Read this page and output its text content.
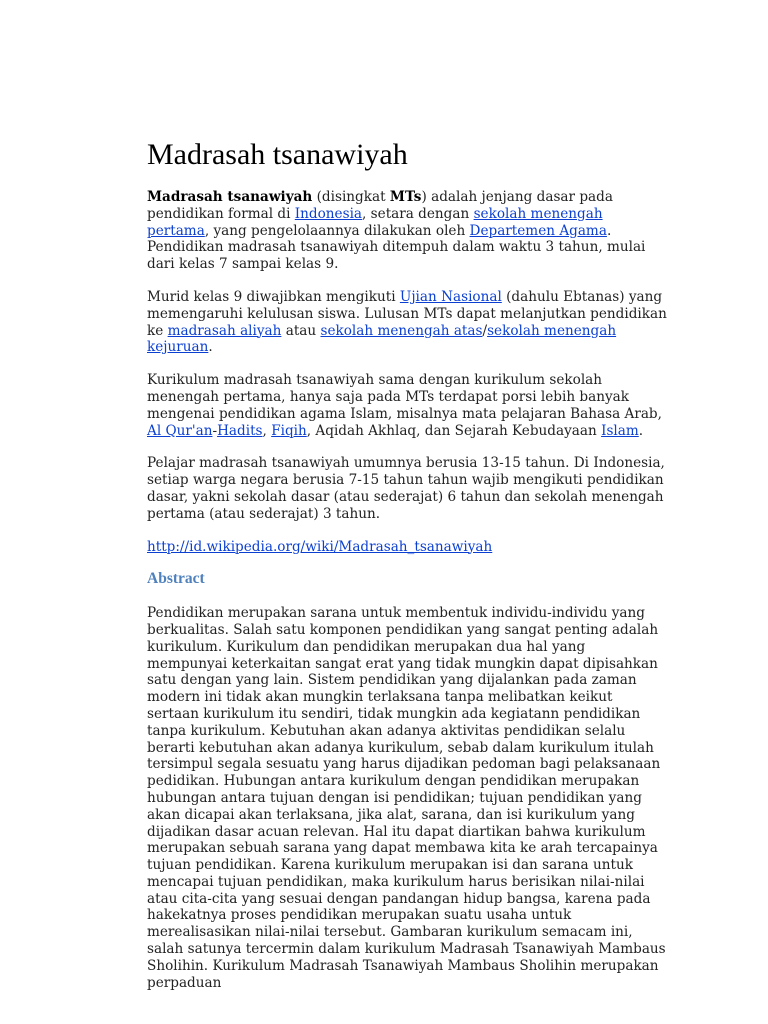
Madrasah tsanawiyah

Madrasah tsanawiyah (disingkat MTs) adalah jenjang dasar pada pendidikan formal di Indonesia, setara dengan sekolah menengah pertama, yang pengelolaannya dilakukan oleh Departemen Agama. Pendidikan madrasah tsanawiyah ditempuh dalam waktu 3 tahun, mulai dari kelas 7 sampai kelas 9.

Murid kelas 9 diwajibkan mengikuti Ujian Nasional (dahulu Ebtanas) yang memengaruhi kelulusan siswa. Lulusan MTs dapat melanjutkan pendidikan ke madrasah aliyah atau sekolah menengah atas/sekolah menengah kejuruan.

Kurikulum madrasah tsanawiyah sama dengan kurikulum sekolah menengah pertama, hanya saja pada MTs terdapat porsi lebih banyak mengenai pendidikan agama Islam, misalnya mata pelajaran Bahasa Arab, Al Qur'an-Hadits, Fiqih, Aqidah Akhlaq, dan Sejarah Kebudayaan Islam.

Pelajar madrasah tsanawiyah umumnya berusia 13-15 tahun. Di Indonesia, setiap warga negara berusia 7-15 tahun tahun wajib mengikuti pendidikan dasar, yakni sekolah dasar (atau sederajat) 6 tahun dan sekolah menengah pertama (atau sederajat) 3 tahun.

http://id.wikipedia.org/wiki/Madrasah_tsanawiyah

Abstract

Pendidikan merupakan sarana untuk membentuk individu-individu yang berkualitas. Salah satu komponen pendidikan yang sangat penting adalah kurikulum. Kurikulum dan pendidikan merupakan dua hal yang mempunyai keterkaitan sangat erat yang tidak mungkin dapat dipisahkan satu dengan yang lain. Sistem pendidikan yang dijalankan pada zaman modern ini tidak akan mungkin terlaksana tanpa melibatkan keikut sertaan kurikulum itu sendiri, tidak mungkin ada kegiatann pendidikan tanpa kurikulum. Kebutuhan akan adanya aktivitas pendidikan selalu berarti kebutuhan akan adanya kurikulum, sebab dalam kurikulum itulah tersimpul segala sesuatu yang harus dijadikan pedoman bagi pelaksanaan pedidikan. Hubungan antara kurikulum dengan pendidikan merupakan hubungan antara tujuan dengan isi pendidikan; tujuan pendidikan yang akan dicapai akan terlaksana, jika alat, sarana, dan isi kurikulum yang dijadikan dasar acuan relevan. Hal itu dapat diartikan bahwa kurikulum merupakan sebuah sarana yang dapat membawa kita ke arah tercapainya tujuan pendidikan. Karena kurikulum merupakan isi dan sarana untuk mencapai tujuan pendidikan, maka kurikulum harus berisikan nilai-nilai atau cita-cita yang sesuai dengan pandangan hidup bangsa, karena pada hakekatnya proses pendidikan merupakan suatu usaha untuk merealisasikan nilai-nilai tersebut. Gambaran kurikulum semacam ini, salah satunya tercermin dalam kurikulum Madrasah Tsanawiyah Mambaus Sholihin. Kurikulum Madrasah Tsanawiyah Mambaus Sholihin merupakan perpaduan
